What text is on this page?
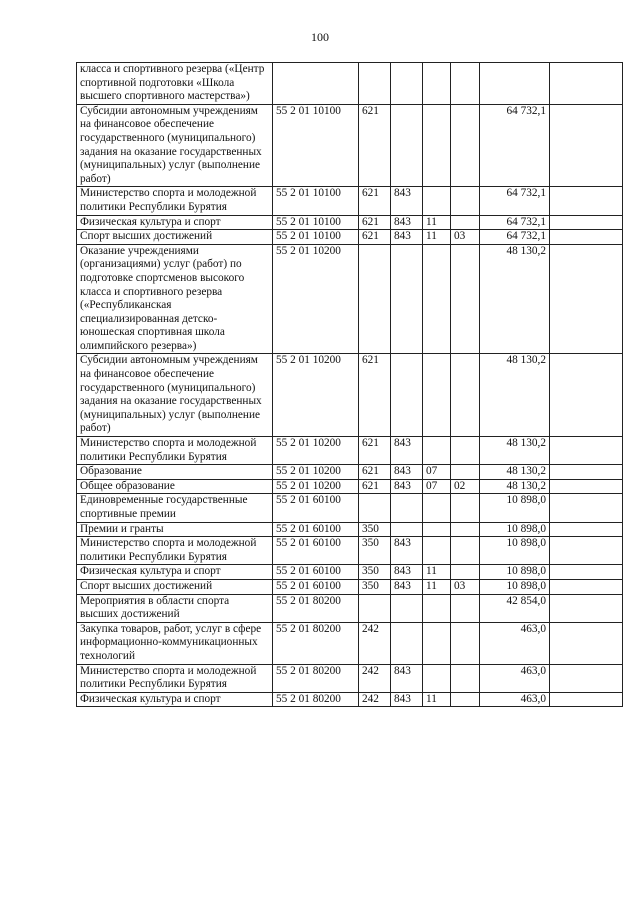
100
класса и спортивного резерва («Центр спортивной подготовки «Школа высшего спортивного мастерства»)							
Субсидии автономным учреждениям на финансовое обеспечение государственного (муниципального) задания на оказание государственных (муниципальных) услуг (выполнение работ)	55 2 01 10100	621				64 732,1	
Министерство спорта и молодежной политики Республики Бурятия	55 2 01 10100	621	843			64 732,1	
Физическая культура и спорт	55 2 01 10100	621	843	11		64 732,1	
Спорт высших достижений	55 2 01 10100	621	843	11	03	64 732,1	
Оказание учреждениями (организациями) услуг (работ) по подготовке спортсменов высокого класса и спортивного резерва («Республиканская специализированная детско-юношеская спортивная школа олимпийского резерва»)	55 2 01 10200					48 130,2	
Субсидии автономным учреждениям на финансовое обеспечение государственного (муниципального) задания на оказание государственных (муниципальных) услуг (выполнение работ)	55 2 01 10200	621				48 130,2	
Министерство спорта и молодежной политики Республики Бурятия	55 2 01 10200	621	843			48 130,2	
Образование	55 2 01 10200	621	843	07		48 130,2	
Общее образование	55 2 01 10200	621	843	07	02	48 130,2	
Единовременные государственные спортивные премии	55 2 01 60100					10 898,0	
Премии и гранты	55 2 01 60100	350				10 898,0	
Министерство спорта и молодежной политики Республики Бурятия	55 2 01 60100	350	843			10 898,0	
Физическая культура и спорт	55 2 01 60100	350	843	11		10 898,0	
Спорт высших достижений	55 2 01 60100	350	843	11	03	10 898,0	
Мероприятия в области спорта высших достижений	55 2 01 80200					42 854,0	
Закупка товаров, работ, услуг в сфере информационно-коммуникационных технологий	55 2 01 80200	242				463,0	
Министерство спорта и молодежной политики Республики Бурятия	55 2 01 80200	242	843			463,0	
Физическая культура и спорт	55 2 01 80200	242	843	11		463,0	
